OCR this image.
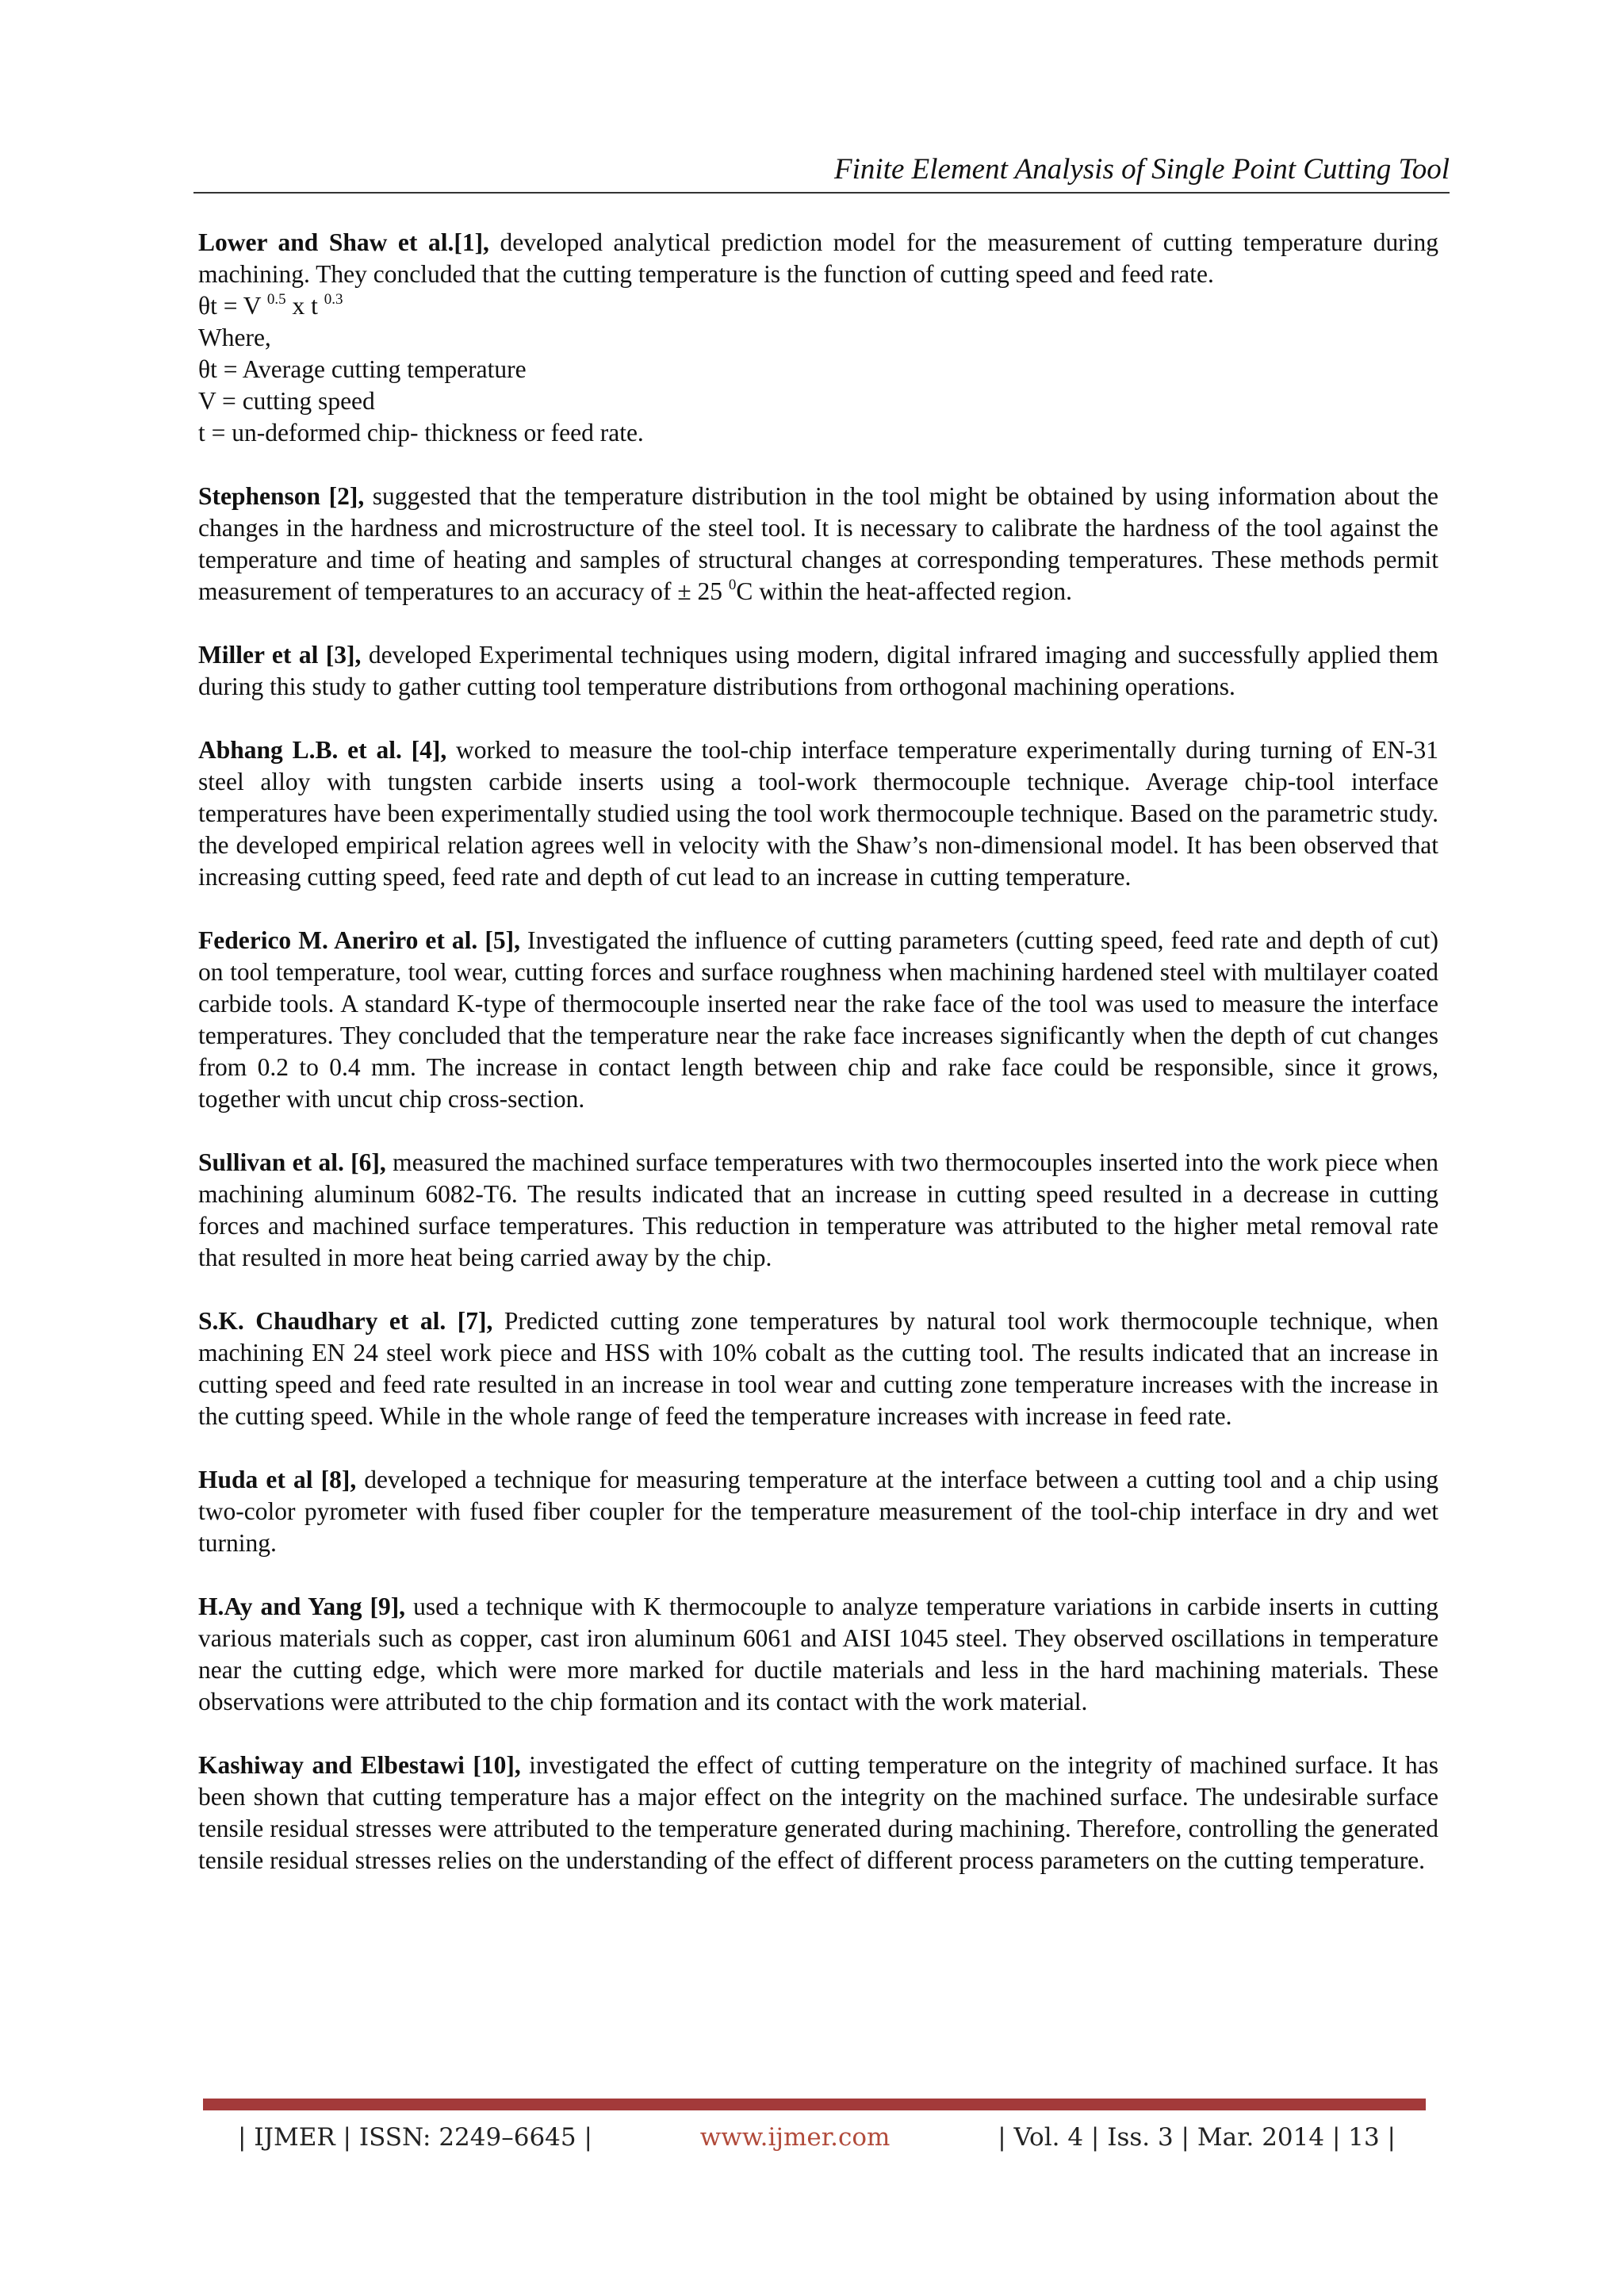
Finite Element Analysis of Single Point Cutting Tool

Lower and Shaw et al.[1], developed analytical prediction model for the measurement of cutting temperature during machining. They concluded that the cutting temperature is the function of cutting speed and feed rate.

θt = V $^{0.5}$ x t $^{0.3}$
Where,
θt = Average cutting temperature
V = cutting speed
t = un-deformed chip- thickness or feed rate.

Stephenson [2], suggested that the temperature distribution in the tool might be obtained by using information about the changes in the hardness and microstructure of the steel tool. It is necessary to calibrate the hardness of the tool against the temperature and time of heating and samples of structural changes at corresponding temperatures. These methods permit measurement of temperatures to an accuracy of ± 25 $^0$C within the heat-affected region.

Miller et al [3], developed Experimental techniques using modern, digital infrared imaging and successfully applied them during this study to gather cutting tool temperature distributions from orthogonal machining operations.

Abhang L.B. et al. [4], worked to measure the tool-chip interface temperature experimentally during turning of EN-31 steel alloy with tungsten carbide inserts using a tool-work thermocouple technique. Average chip-tool interface temperatures have been experimentally studied using the tool work thermocouple technique. Based on the parametric study. the developed empirical relation agrees well in velocity with the Shaw’s non-dimensional model. It has been observed that increasing cutting speed, feed rate and depth of cut lead to an increase in cutting temperature.

Federico M. Aneriro et al. [5], Investigated the influence of cutting parameters (cutting speed, feed rate and depth of cut) on tool temperature, tool wear, cutting forces and surface roughness when machining hardened steel with multilayer coated carbide tools. A standard K-type of thermocouple inserted near the rake face of the tool was used to measure the interface temperatures. They concluded that the temperature near the rake face increases significantly when the depth of cut changes from 0.2 to 0.4 mm. The increase in contact length between chip and rake face could be responsible, since it grows, together with uncut chip cross-section.

Sullivan et al. [6], measured the machined surface temperatures with two thermocouples inserted into the work piece when machining aluminum 6082-T6. The results indicated that an increase in cutting speed resulted in a decrease in cutting forces and machined surface temperatures. This reduction in temperature was attributed to the higher metal removal rate that resulted in more heat being carried away by the chip.

S.K. Chaudhary et al. [7], Predicted cutting zone temperatures by natural tool work thermocouple technique, when machining EN 24 steel work piece and HSS with 10% cobalt as the cutting tool. The results indicated that an increase in cutting speed and feed rate resulted in an increase in tool wear and cutting zone temperature increases with the increase in the cutting speed. While in the whole range of feed the temperature increases with increase in feed rate.

Huda et al [8], developed a technique for measuring temperature at the interface between a cutting tool and a chip using two-color pyrometer with fused fiber coupler for the temperature measurement of the tool-chip interface in dry and wet turning.

H.Ay and Yang [9], used a technique with K thermocouple to analyze temperature variations in carbide inserts in cutting various materials such as copper, cast iron aluminum 6061 and AISI 1045 steel. They observed oscillations in temperature near the cutting edge, which were more marked for ductile materials and less in the hard machining materials. These observations were attributed to the chip formation and its contact with the work material.

Kashiway and Elbestawi [10], investigated the effect of cutting temperature on the integrity of machined surface. It has been shown that cutting temperature has a major effect on the integrity on the machined surface. The undesirable surface tensile residual stresses were attributed to the temperature generated during machining. Therefore, controlling the generated tensile residual stresses relies on the understanding of the effect of different process parameters on the cutting temperature.

| IJMER | ISSN: 2249–6645 |	www.ijmer.com	| Vol. 4 | Iss. 3 | Mar. 2014 | 13 |
